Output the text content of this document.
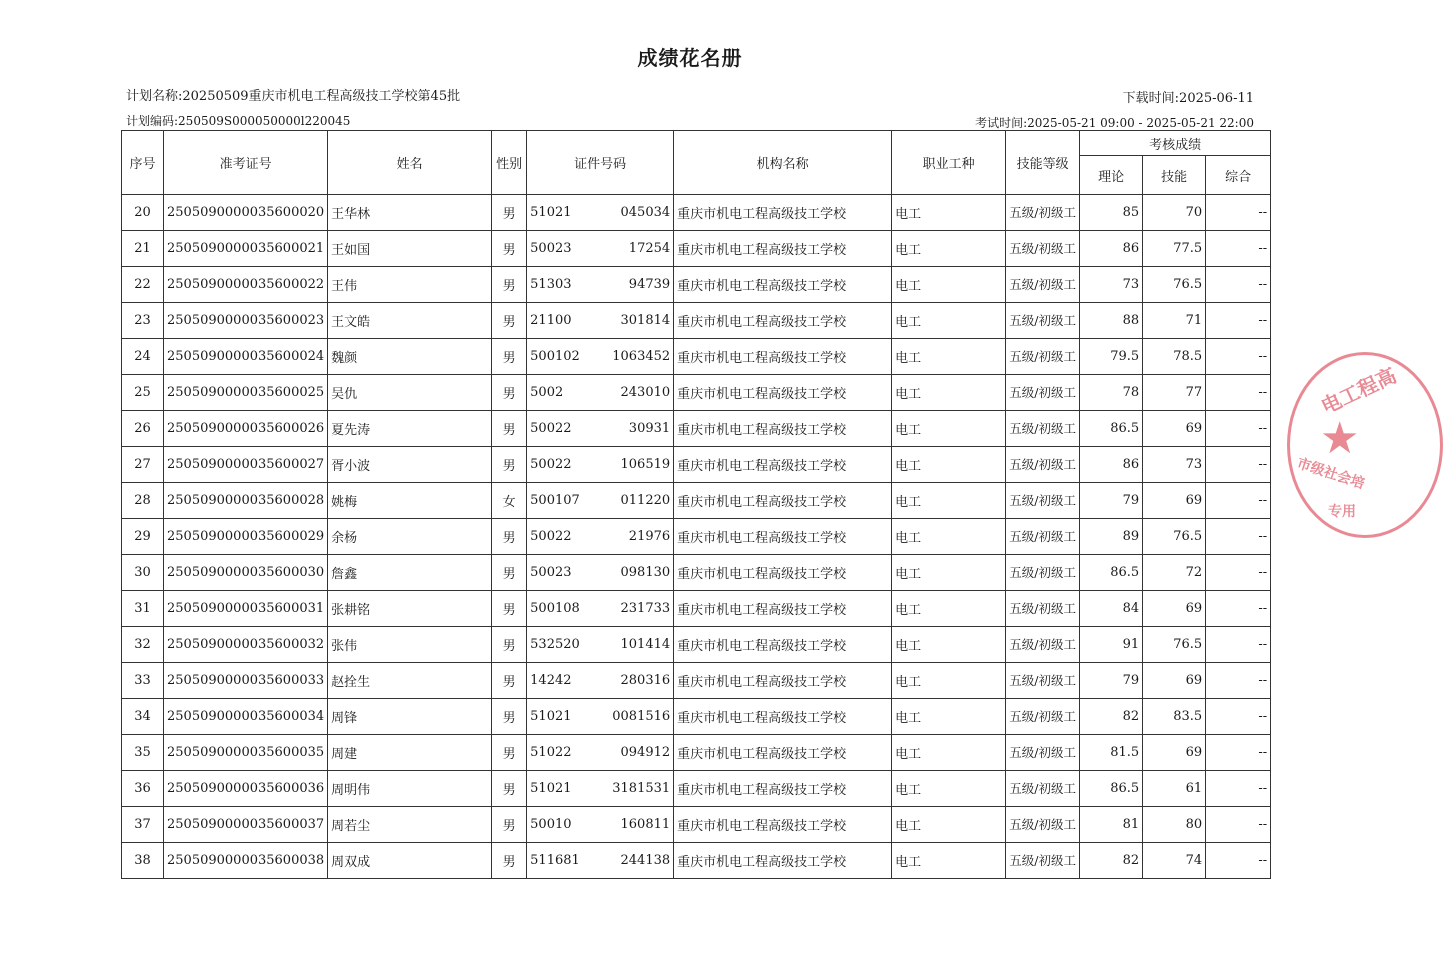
成绩花名册
计划名称:20250509重庆市机电工程高级技工学校第45批	下载时间:2025-06-11
计划编码:250509S000050000l220045	考试时间:2025-05-21 09:00 - 2025-05-21 22:00
序号	准考证号	姓名	性别	证件号码	机构名称	职业工种	技能等级	考核成绩		
								理论	技能	综合
20	2505090000035600020	王华林	男	51021 045034	重庆市机电工程高级技工学校	电工	五级/初级工	85	70	--
21	2505090000035600021	王如国	男	50023 17254	重庆市机电工程高级技工学校	电工	五级/初级工	86	77.5	--
22	2505090000035600022	王伟	男	51303 94739	重庆市机电工程高级技工学校	电工	五级/初级工	73	76.5	--
23	2505090000035600023	王文皓	男	21100 301814	重庆市机电工程高级技工学校	电工	五级/初级工	88	71	--
24	2505090000035600024	魏颜	男	500102 1063452	重庆市机电工程高级技工学校	电工	五级/初级工	79.5	78.5	--
25	2505090000035600025	吴仇	男	5002 243010	重庆市机电工程高级技工学校	电工	五级/初级工	78	77	--
26	2505090000035600026	夏先涛	男	50022 30931	重庆市机电工程高级技工学校	电工	五级/初级工	86.5	69	--
27	2505090000035600027	胥小波	男	50022 106519	重庆市机电工程高级技工学校	电工	五级/初级工	86	73	--
28	2505090000035600028	姚梅	女	500107 011220	重庆市机电工程高级技工学校	电工	五级/初级工	79	69	--
29	2505090000035600029	余杨	男	50022 21976	重庆市机电工程高级技工学校	电工	五级/初级工	89	76.5	--
30	2505090000035600030	詹鑫	男	50023 098130	重庆市机电工程高级技工学校	电工	五级/初级工	86.5	72	--
31	2505090000035600031	张耕铭	男	500108 231733	重庆市机电工程高级技工学校	电工	五级/初级工	84	69	--
32	2505090000035600032	张伟	男	532520 101414	重庆市机电工程高级技工学校	电工	五级/初级工	91	76.5	--
33	2505090000035600033	赵拴生	男	14242 280316	重庆市机电工程高级技工学校	电工	五级/初级工	79	69	--
34	2505090000035600034	周锋	男	51021 0081516	重庆市机电工程高级技工学校	电工	五级/初级工	82	83.5	--
35	2505090000035600035	周建	男	51022 094912	重庆市机电工程高级技工学校	电工	五级/初级工	81.5	69	--
36	2505090000035600036	周明伟	男	51021 3181531	重庆市机电工程高级技工学校	电工	五级/初级工	86.5	61	--
37	2505090000035600037	周若尘	男	50010 160811	重庆市机电工程高级技工学校	电工	五级/初级工	81	80	--
38	2505090000035600038	周双成	男	511681 244138	重庆市机电工程高级技工学校	电工	五级/初级工	82	74	--
电工程高
★
市级社会培
专用
